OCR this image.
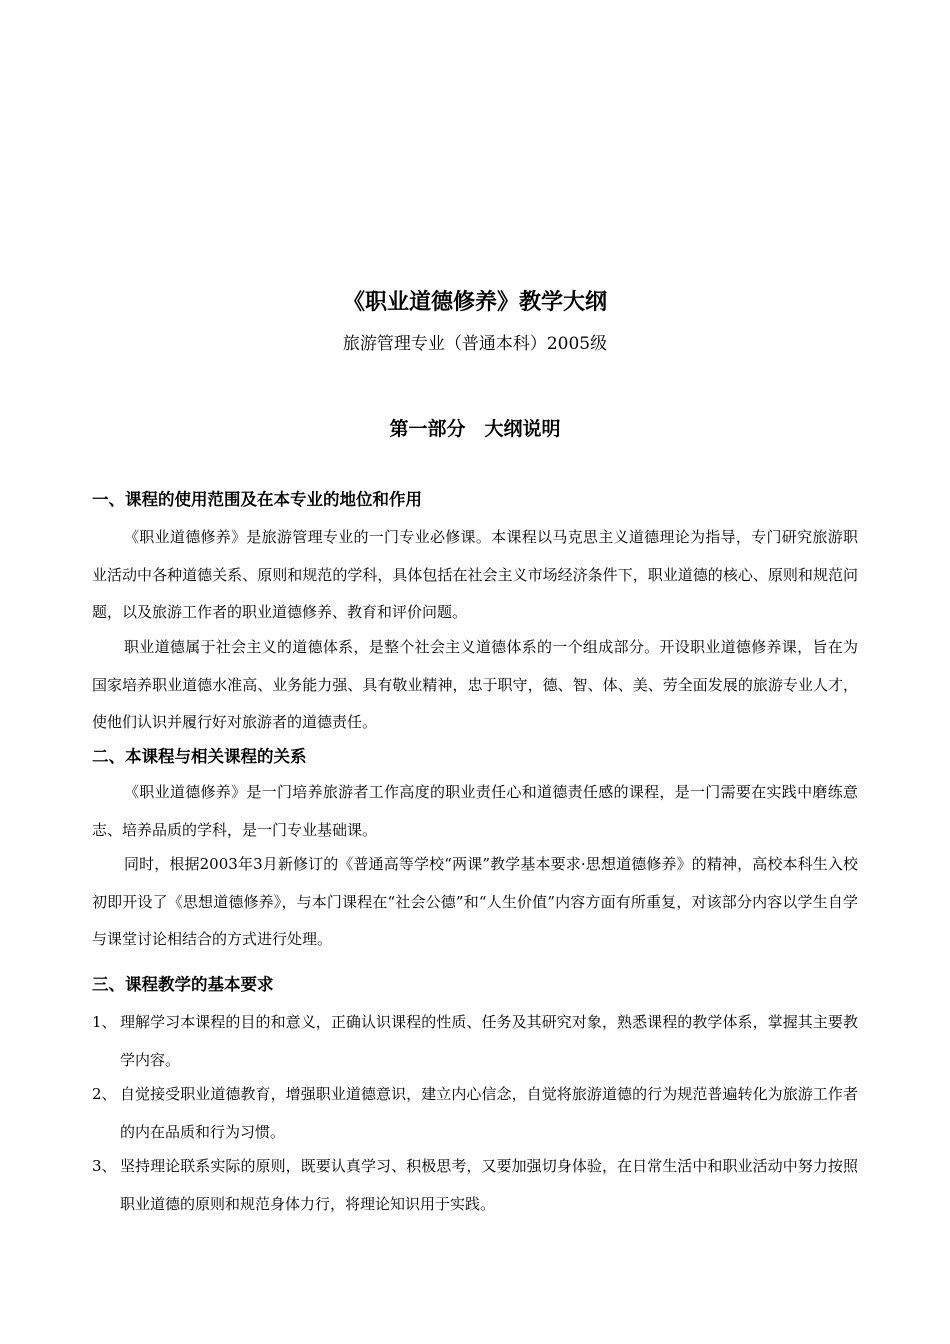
《职业道德修养》教学大纲

旅游管理专业（普通本科）2005级

第一部分　大纲说明
一、课程的使用范围及在本专业的地位和作用

《职业道德修养》是旅游管理专业的一门专业必修课。本课程以马克思主义道德理论为指导，专门研究旅游职业活动中各种道德关系、原则和规范的学科，具体包括在社会主义市场经济条件下，职业道德的核心、原则和规范问题，以及旅游工作者的职业道德修养、教育和评价问题。

职业道德属于社会主义的道德体系，是整个社会主义道德体系的一个组成部分。开设职业道德修养课，旨在为国家培养职业道德水准高、业务能力强、具有敬业精神，忠于职守，德、智、体、美、劳全面发展的旅游专业人才，使他们认识并履行好对旅游者的道德责任。

二、本课程与相关课程的关系

《职业道德修养》是一门培养旅游者工作高度的职业责任心和道德责任感的课程，是一门需要在实践中磨练意志、培养品质的学科，是一门专业基础课。

同时，根据2003年3月新修订的《普通高等学校“两课”教学基本要求·思想道德修养》的精神，高校本科生入校初即开设了《思想道德修养》，与本门课程在“社会公德”和“人生价值”内容方面有所重复，对该部分内容以学生自学与课堂讨论相结合的方式进行处理。

三、课程教学的基本要求
1、 理解学习本课程的目的和意义，正确认识课程的性质、任务及其研究对象，熟悉课程的教学体系，掌握其主要教学内容。
2、 自觉接受职业道德教育，增强职业道德意识，建立内心信念，自觉将旅游道德的行为规范普遍转化为旅游工作者的内在品质和行为习惯。
3、 坚持理论联系实际的原则，既要认真学习、积极思考，又要加强切身体验，在日常生活中和职业活动中努力按照职业道德的原则和规范身体力行，将理论知识用于实践。
